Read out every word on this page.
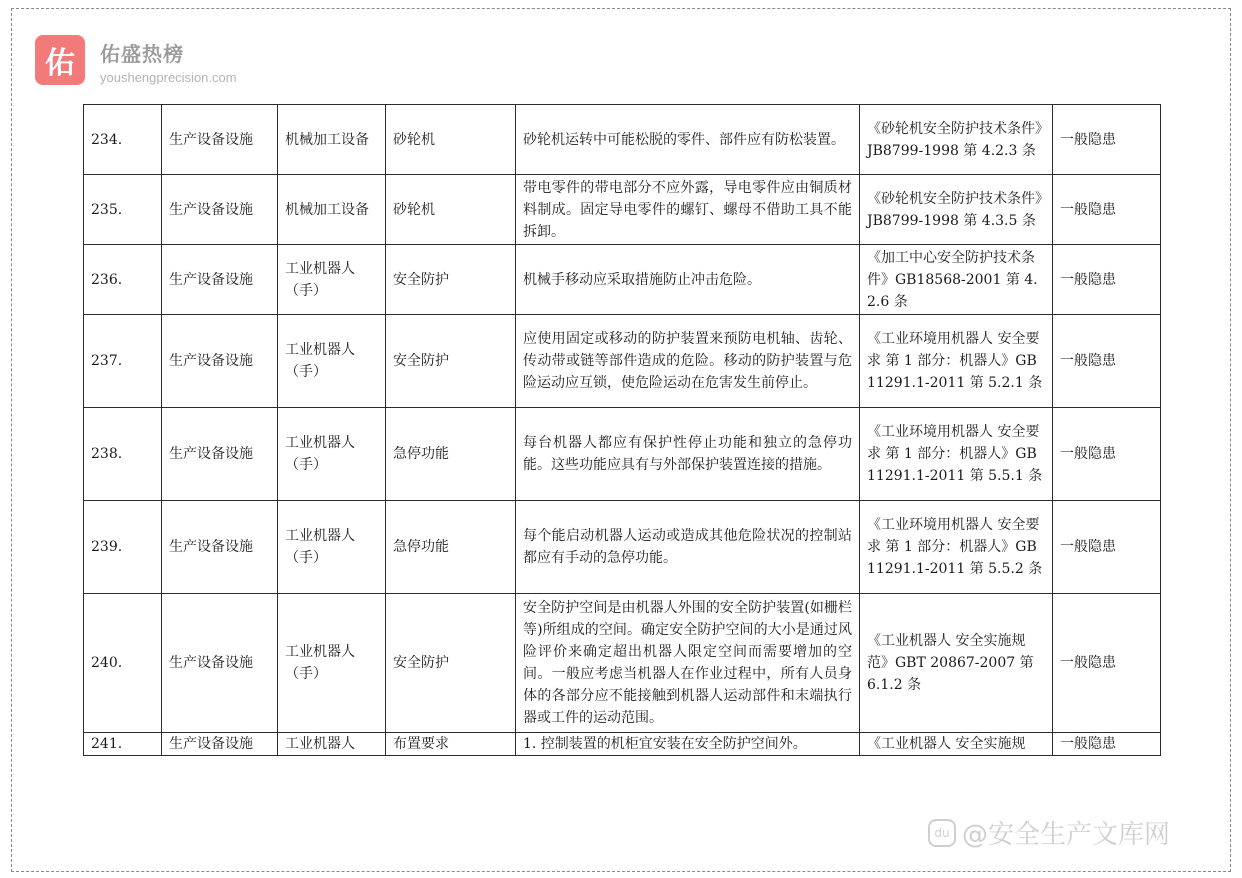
佑	佑盛热榜
youshengprecision.com
234.	生产设备设施	机械加工设备	砂轮机	砂轮机运转中可能松脱的零件、部件应有防松装置。	《砂轮机安全防护技术条件》JB8799-1998 第 4.2.3 条	一般隐患
235.	生产设备设施	机械加工设备	砂轮机	带电零件的带电部分不应外露，导电零件应由铜质材料制成。固定导电零件的螺钉、螺母不借助工具不能拆卸。	《砂轮机安全防护技术条件》JB8799-1998 第 4.3.5 条	一般隐患
236.	生产设备设施	工业机器人（手）	安全防护	机械手移动应采取措施防止冲击危险。	《加工中心安全防护技术条件》GB18568-2001 第 4.2.6 条	一般隐患
237.	生产设备设施	工业机器人（手）	安全防护	应使用固定或移动的防护装置来预防电机轴、齿轮、传动带或链等部件造成的危险。移动的防护装置与危险运动应互锁，使危险运动在危害发生前停止。	《工业环境用机器人 安全要求 第 1 部分：机器人》GB11291.1-2011 第 5.2.1 条	一般隐患
238.	生产设备设施	工业机器人（手）	急停功能	每台机器人都应有保护性停止功能和独立的急停功能。这些功能应具有与外部保护装置连接的措施。	《工业环境用机器人 安全要求 第 1 部分：机器人》GB11291.1-2011 第 5.5.1 条	一般隐患
239.	生产设备设施	工业机器人（手）	急停功能	每个能启动机器人运动或造成其他危险状况的控制站都应有手动的急停功能。	《工业环境用机器人 安全要求 第 1 部分：机器人》GB11291.1-2011 第 5.5.2 条	一般隐患
240.	生产设备设施	工业机器人（手）	安全防护	安全防护空间是由机器人外围的安全防护装置(如栅栏等)所组成的空间。确定安全防护空间的大小是通过风险评价来确定超出机器人限定空间而需要增加的空间。一般应考虑当机器人在作业过程中，所有人员身体的各部分应不能接触到机器人运动部件和末端执行器或工件的运动范围。	《工业机器人 安全实施规范》GBT 20867-2007 第 6.1.2 条	一般隐患
241.	生产设备设施	工业机器人	布置要求	1. 控制装置的机柜宜安装在安全防护空间外。	《工业机器人 安全实施规	一般隐患
du @安全生产文库网
